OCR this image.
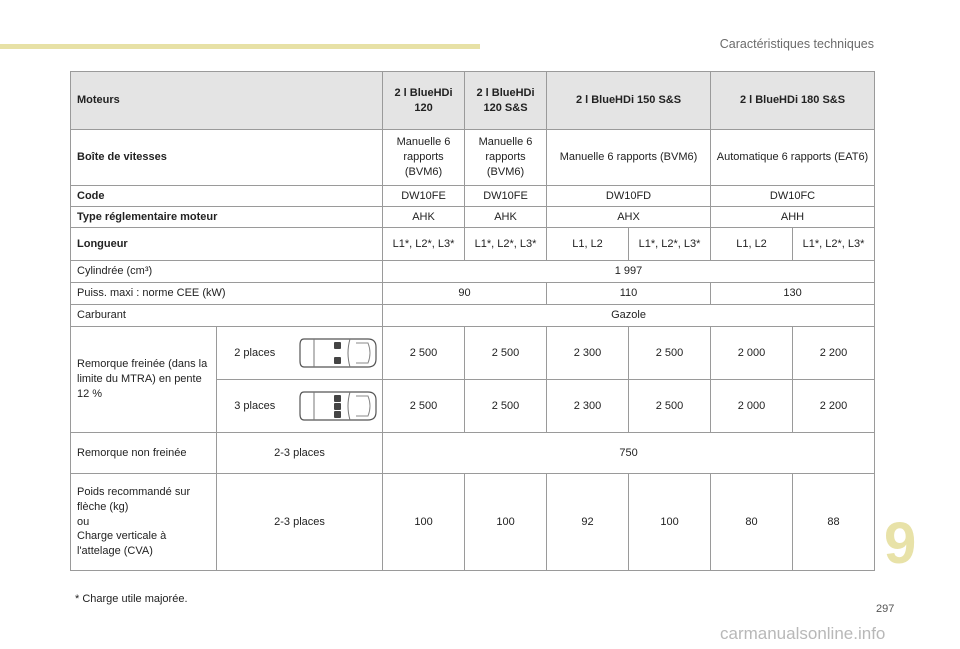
Caractéristiques techniques
Moteurs			2 l BlueHDi 120	2 l BlueHDi 120 S&S	2 l BlueHDi 150 S&S		2 l BlueHDi 180 S&S	
Boîte de vitesses			Manuelle 6 rapports (BVM6)	Manuelle 6 rapports (BVM6)	Manuelle 6 rapports (BVM6)		Automatique 6 rapports (EAT6)	
Code			DW10FE	DW10FE	DW10FD		DW10FC	
Type réglementaire moteur			AHK	AHK	AHX		AHH	
Longueur			L1*, L2*, L3*	L1*, L2*, L3*	L1, L2	L1*, L2*, L3*	L1, L2	L1*, L2*, L3*
Cylindrée (cm³)			1 997					
Puiss. maxi : norme CEE (kW)			90		110		130	
Carburant			Gazole					
Remorque freinée (dans la limite du MTRA) en pente 12 %	2 places		2 500	2 500	2 300	2 500	2 000	2 200
	3 places		2 500	2 500	2 300	2 500	2 000	2 200
Remorque non freinée	2-3 places		750					
Poids recommandé sur
flèche (kg)
ou
Charge verticale à
l'attelage (CVA)	2-3 places		100	100	92	100	80	88
* Charge utile majorée.
9
297
carmanualsonline.info
